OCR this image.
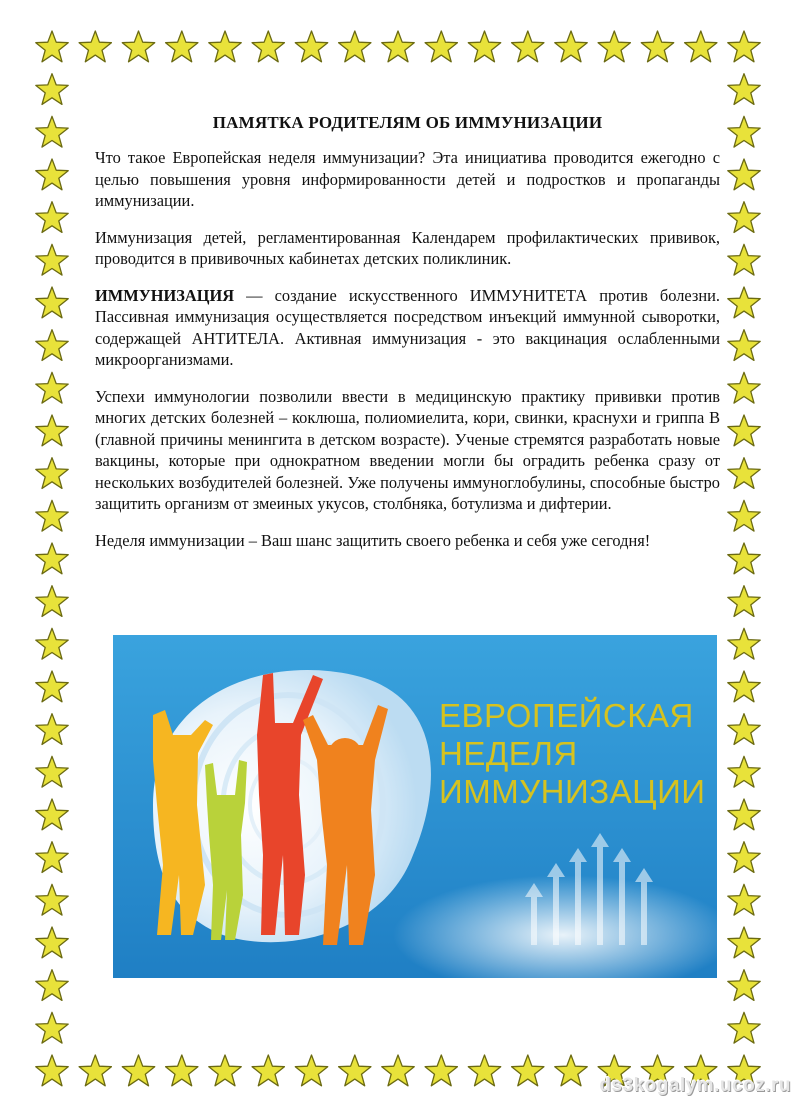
ПАМЯТКА РОДИТЕЛЯМ ОБ ИММУНИЗАЦИИ

Что такое Европейская неделя иммунизации? Эта инициатива проводится ежегодно с целью повышения уровня информированности детей и подростков и пропаганды иммунизации.

Иммунизация детей, регламентированная Календарем профилактических прививок, проводится в прививочных кабинетах детских поликлиник.

ИММУНИЗАЦИЯ — создание искусственного ИММУНИТЕТА против болезни. Пассивная иммунизация осуществляется посредством инъекций иммунной сыворотки, содержащей АНТИТЕЛА. Активная иммунизация - это вакцинация ослабленными микроорганизмами.

Успехи иммунологии позволили ввести в медицинскую практику прививки против многих детских болезней – коклюша, полиомиелита, кори, свинки, краснухи и гриппа В (главной причины менингита в детском возрасте). Ученые стремятся разработать новые вакцины, которые при однократном введении могли бы оградить ребенка сразу от нескольких возбудителей болезней. Уже получены иммуноглобулины, способные быстро защитить организм от змеиных укусов, столбняка, ботулизма и дифтерии.

Неделя иммунизации – Ваш шанс защитить своего ребенка и себя уже сегодня!

ЕВРОПЕЙСКАЯ
НЕДЕЛЯ
ИММУНИЗАЦИИ
ds3kogalym.ucoz.ru
